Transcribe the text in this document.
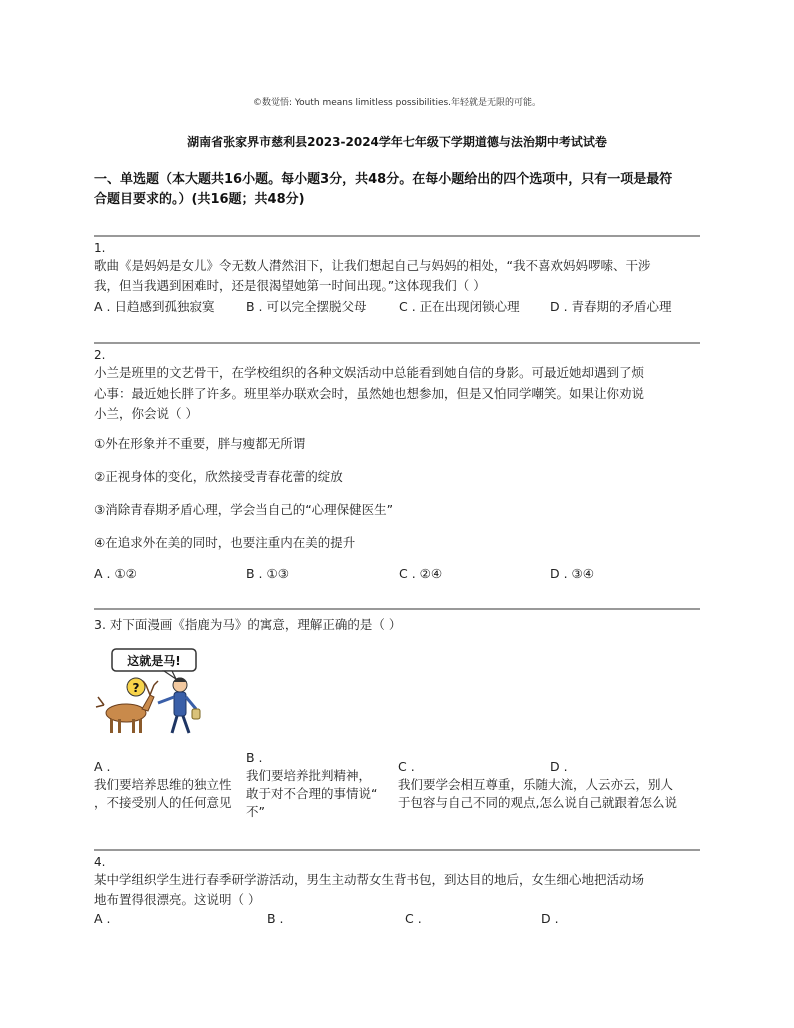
©数觉悟: Youth means limitless possibilities.年轻就是无限的可能。
湖南省张家界市慈利县2023-2024学年七年级下学期道德与法治期中考试试卷
一、单选题（本大题共16小题。每小题3分，共48分。在每小题给出的四个选项中，只有一项是最符
合题目要求的。）(共16题；共48分)
1.
歌曲《是妈妈是女儿》令无数人潸然泪下，让我们想起自己与妈妈的相处，“我不喜欢妈妈啰嗦、干涉
我，但当我遇到困难时，还是很渴望她第一时间出现。”这体现我们（ ）
A . 日趋感到孤独寂寞	B . 可以完全摆脱父母	C . 正在出现闭锁心理 D . 青春期的矛盾心理
2.
小兰是班里的文艺骨干，在学校组织的各种文娱活动中总能看到她自信的身影。可最近她却遇到了烦
心事：最近她长胖了许多。班里举办联欢会时，虽然她也想参加，但是又怕同学嘲笑。如果让你劝说
小兰，你会说（ ）
①外在形象并不重要，胖与瘦都无所谓
②正视身体的变化，欣然接受青春花蕾的绽放
③消除青春期矛盾心理，学会当自己的“心理保健医生”
④在追求外在美的同时，也要注重内在美的提升
A . ①②	B . ①③	C . ②④	D . ③④
3. 对下面漫画《指鹿为马》的寓意，理解正确的是（ ）
这就是马!
?
A .
我们要培养思维的独立性
，不接受别人的任何意见
B .
我们要培养批判精神，
敢于对不合理的事情说“
不”
C .
我们要学会相互尊重，乐随大流，人云亦云，别人
于包容与自己不同的观点,怎么说自己就跟着怎么说
D .
4.
某中学组织学生进行春季研学游活动，男生主动帮女生背书包，到达目的地后，女生细心地把活动场
地布置得很漂亮。这说明（ ）
A .	B .	C .	D .
